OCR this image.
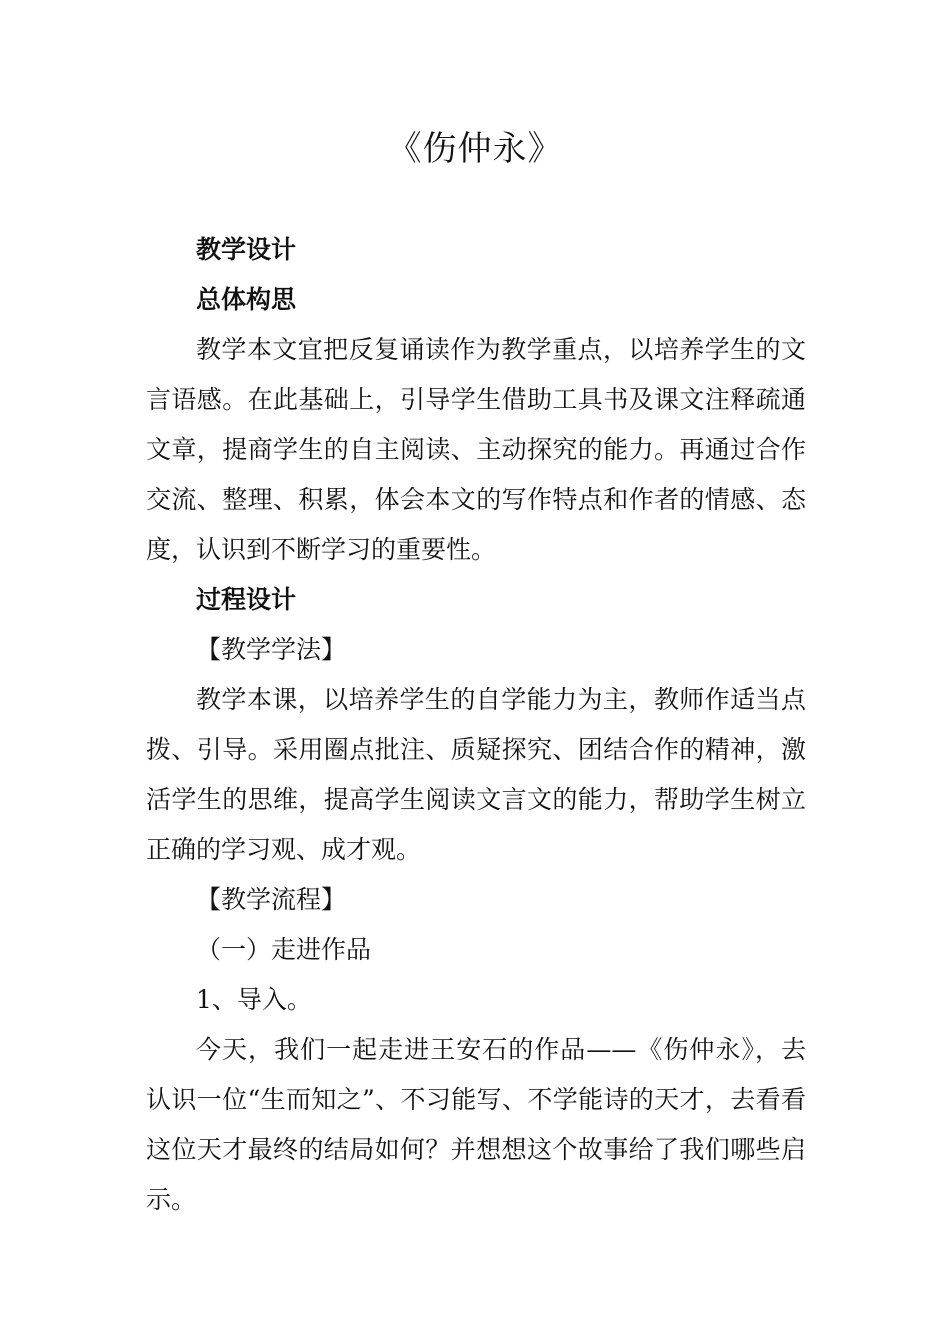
《伤仲永》

教学设计

总体构思

教学本文宜把反复诵读作为教学重点，以培养学生的文言语感。在此基础上，引导学生借助工具书及课文注释疏通文章，提商学生的自主阅读、主动探究的能力。再通过合作交流、整理、积累，体会本文的写作特点和作者的情感、态度，认识到不断学习的重要性。

过程设计

【教学学法】

教学本课，以培养学生的自学能力为主，教师作适当点拨、引导。采用圈点批注、质疑探究、团结合作的精神，激活学生的思维，提高学生阅读文言文的能力，帮助学生树立正确的学习观、成才观。

【教学流程】

（一）走进作品

1、导入。

今天，我们一起走进王安石的作品——《伤仲永》，去认识一位“生而知之”、不习能写、不学能诗的天才，去看看这位天才最终的结局如何？并想想这个故事给了我们哪些启示。
